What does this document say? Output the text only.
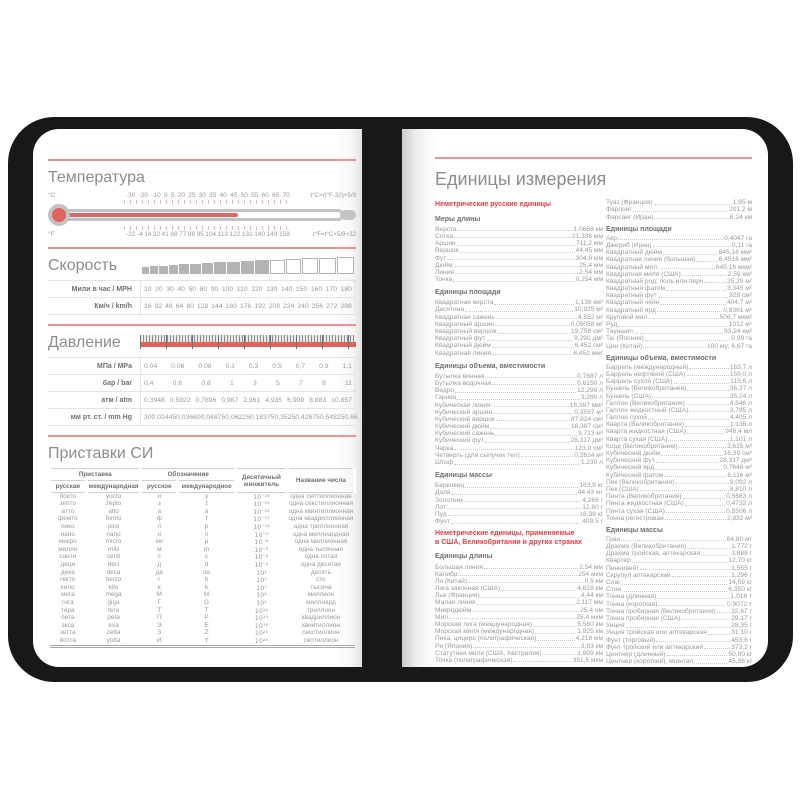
Температура
°C	-30 -20 -10 0 5 20 25 30 35 40 45 50 55 60 65 70	t°C=(t°F-32)×5/9
°F	-22 -4 14 32 41 68 77 86 95 104 113 122 131 140 149 158	t°F=t°C×5/9+32
Скорость
Мили в час / MPH	10 20 30 40 50 80 90 100 110 120 130 140 150 160 170 180
Км/ч / km/h	16 32 48 64 80 128 144 160 176 192 208 224 240 256 272 288
Давление
МПа / MPa	0,04 0,06 0,08 0,1 0,3 0,5 0,7 0,9 1,1
бар / bar	0,4	0,6	0,8	1	3	5	7	9	11
атм / atm	0,3948 0,5922 0,7896 0,987 2,961 4,935 6,909 8,883 10,857
мм рт. ст. / mm Hg	300,024 450,036 600,048 750,06 2250,18 3750,3 5250,42 6750,54 8250,66
Приставки СИ
Приставка		Обозначение		Десятичный множитель	Название числа
русская	международная	русское	международное		
йокто	yocto	и	y	10⁻²⁴	одна септиллионная
зепто	zepto	з	z	10⁻²¹	одна секстиллионная
атто	atto	а	a	10⁻¹⁸	одна квинтиллионная
фемто	femto	ф	f	10⁻¹⁵	одна квадриллионная
пико	pico	п	p	10⁻¹²	одна триллионная
нано	nano	н	n	10⁻⁹	одна миллиардная
микро	micro	мк	µ	10⁻⁶	одна миллионная
милли	milli	м	m	10⁻³	одна тысячная
санти	centi	с	c	10⁻²	одна сотая
деци	deci	д	d	10⁻¹	одна десятая
дека	deca	да	da	10¹	десять
гекто	hecto	г	h	10²	сто
кило	kilo	к	k	10³	тысяча
мега	mega	М	M	10⁶	миллион
гига	giga	Г	G	10⁹	миллиард
тера	tera	Т	T	10¹²	триллион
пета	peta	П	P	10¹⁵	квадриллион
экса	exa	Э	E	10¹⁸	квинтиллион
зетта	zetta	З	Z	10²¹	секстиллион
йотта	yotta	И	Y	10²⁴	септиллион
Единицы измерения
Неметрические русские единицы
Меры длины
Верста	1,0668 км
Сотка	21,336 мм
Аршин	711,2 мм
Вершок	44,45 мм
Фут	304,8 мм
Дюйм	25,4 мм
Линия	2,54 мм
Точка	0,254 мм
Единицы площади
Квадратная верста	1,138 км²
Десятина	10,925 м²
Квадратная сажень	4,552 м²
Квадратный аршин	0,05058 м²
Квадратный вершок	19,758 см²
Квадратный фут	9,290 дм²
Квадратный дюйм	6,452 см²
Квадратная линия	6,452 мм²
Единицы объема, вместимости
Бутылка винная	0,7687 л
Бутылка водочная	0,6150 л
Ведро	12,299 л
Гарнец	3,280 л
Кубическая линия	16,387 мм³
Кубический аршин	0,3597 м³
Кубический вершок	87,824 см³
Кубический дюйм	16,387 см³
Кубический сажень	9,713 м³
Кубический фут	28,317 дм³
Чарка	123,0 см³
Четверть (для сыпучих тел)	0,2624 м³
Штоф	1,230 л
Единицы массы
Берковец	163,8 кг
Доля	44,43 мг
Золотник	4,266 г
Лот	12,80 г
Пуд	16,38 кг
Фунт	409,5 г
Неметрические единицы, применяемые
в США, Великобритании и других странах
Единицы длины
Большая линия	2,54 мм
Калибр	254 мкм
Ли (Китай)	0,5 км
Лига законная (США)	4,828 км
Лье (Франция)	4,44 км
Малая линия	2,117 мм
Микродюйм	25,4 нм
Мил	25,4 мкм
Морская лига (международная)	5,560 км
Морская миля (международная)	1,825 км
Пика, цицеро (полиграфическая)	4,218 мм
Ри (Япония)	3,93 км
Статутная миля (США, Австралия)	1,609 км
Точка (полиграфическая)	351,5 мкм
Туаз (Франция)	1,95 м
Фарлонг	201,2 м
Фарсанг (Иран)	6,24 км
Единицы площади
Акр	0,4047 га
Джериб (Иран)	0,11 га
Квадратный дюйм	645,16 мм²
Квадратная линия (большая)	6,4516 мм²
Квадратный мил	645,16 мкм²
Квадратная миля (США)	2,59 км²
Квадратный род, поль или перч	25,29 м²
Квадратный фатом	3,345 м²
Квадратный фут	929 см²
Квадратный чейн	404,7 м²
Квадратный ярд	0,8361 м²
Круговой мил	506,7 мкм²
Руд	1012 м²
Тауншип	93,24 км²
Тю (Япония)	0,99 га
Цин (Китай)	100 му; 6,67 га
Единицы объема, вместимости
Баррель (международный)	163,7 л
Баррель нефтяной (США)	159,0 л
Баррель сухой (США)	115,6 л
Бушель (Великобритания)	36,37 л
Бушель (США)	35,24 л
Галлон (Великобритания)	4,546 л
Галлон жидкостный (США)	3,785 л
Галлон сухой	4,405 л
Кварта (Великобритания)	1,136 л
Кварта жидкостная (США)	946,4 мл
Кварта сухая (США)	1,101 л
Корд (Великобритания)	3,625 м³
Кубический дюйм	16,39 см³
Кубический фут	28,317 дм³
Кубический ярд	0,7646 м³
Кубический фатом	6,116 м³
Пек (Великобритания)	9,092 л
Пек (США)	8,810 л
Пинта (Великобритания)	0,5683 л
Пинта жидкостная (США)	0,4732 л
Пинта сухая (США)	0,5506 л
Тонна регистровая	2,832 м³
Единицы массы
Гран	64,80 мг
Драхма (Великобритания)	1,772 г
Драхма тройская, аптекарская	3,888 г
Квартер	12,70 кг
Пеннивейт	1,555 г
Скрупул аптекарский	1,296 г
Слаг	14,59 кг
Стон	6,350 кг
Тонна (длинная)	1,016 т
Тонна (короткая)	0,9072 т
Тонна пробирная (Великобритания) 32,67 г
Тонна пробирная (США)	29,17 г
Унция	28,35 г
Унция тройская или аптекарская	31,10 г
Фунт (торговый)	453,6 г
Фунт тройский или аптекарский	373,2 г
Центнер (длинный)	50,80 кг
Центнер (короткий), квинтал	45,36 кг
